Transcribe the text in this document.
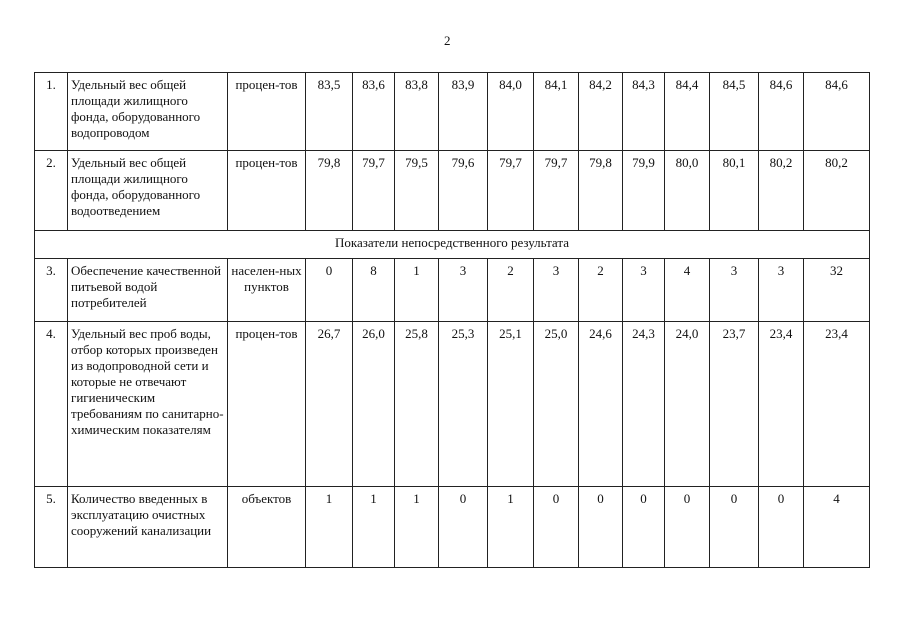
2
1.	Удельный вес общей площади жилищного фонда, оборудованного водопроводом	процен-тов	83,5	83,6	83,8	83,9	84,0	84,1	84,2	84,3	84,4	84,5	84,6	84,6
2.	Удельный вес общей площади жилищного фонда, оборудованного водоотведением	процен-тов	79,8	79,7	79,5	79,6	79,7	79,7	79,8	79,9	80,0	80,1	80,2	80,2
Показатели непосредственного результата														
3.	Обеспечение качественной питьевой водой потребителей	населен-ных пунктов	0	8	1	3	2	3	2	3	4	3	3	32
4.	Удельный вес проб воды, отбор которых произведен из водопроводной сети и которые не отвечают гигиеническим требованиям по санитарно-химическим показателям	процен-тов	26,7	26,0	25,8	25,3	25,1	25,0	24,6	24,3	24,0	23,7	23,4	23,4
5.	Количество введенных в эксплуатацию очистных сооружений канализации	объектов	1	1	1	0	1	0	0	0	0	0	0	4
